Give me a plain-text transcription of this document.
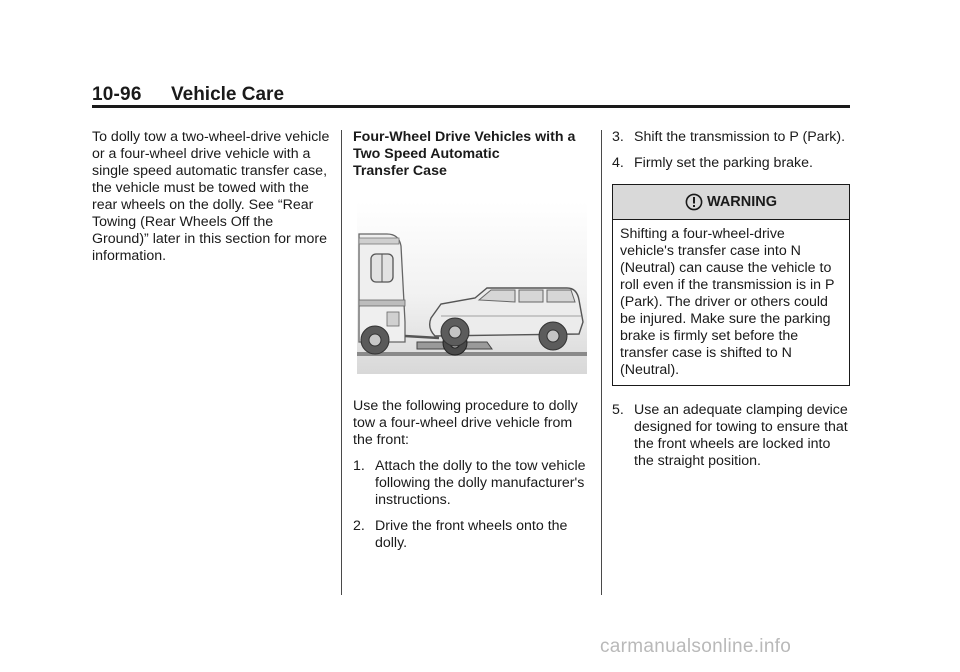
10-96 Vehicle Care

To dolly tow a two-wheel-drive vehicle or a four-wheel drive vehicle with a single speed automatic transfer case, the vehicle must be towed with the rear wheels on the dolly. See “Rear Towing (Rear Wheels Off the Ground)” later in this section for more information.

Four-Wheel Drive Vehicles with a
Two Speed Automatic
Transfer Case

Use the following procedure to dolly tow a four-wheel drive vehicle from the front:

1. Attach the dolly to the tow vehicle following the dolly manufacturer's instructions.
2. Drive the front wheels onto the dolly.
3. Shift the transmission to P (Park).
4. Firmly set the parking brake.
WARNING
Shifting a four-wheel-drive vehicle's transfer case into N (Neutral) can cause the vehicle to roll even if the transmission is in P (Park). The driver or others could be injured. Make sure the parking brake is firmly set before the transfer case is shifted to N (Neutral).
5. Use an adequate clamping device designed for towing to ensure that the front wheels are locked into the straight position.
carmanualsonline.info
